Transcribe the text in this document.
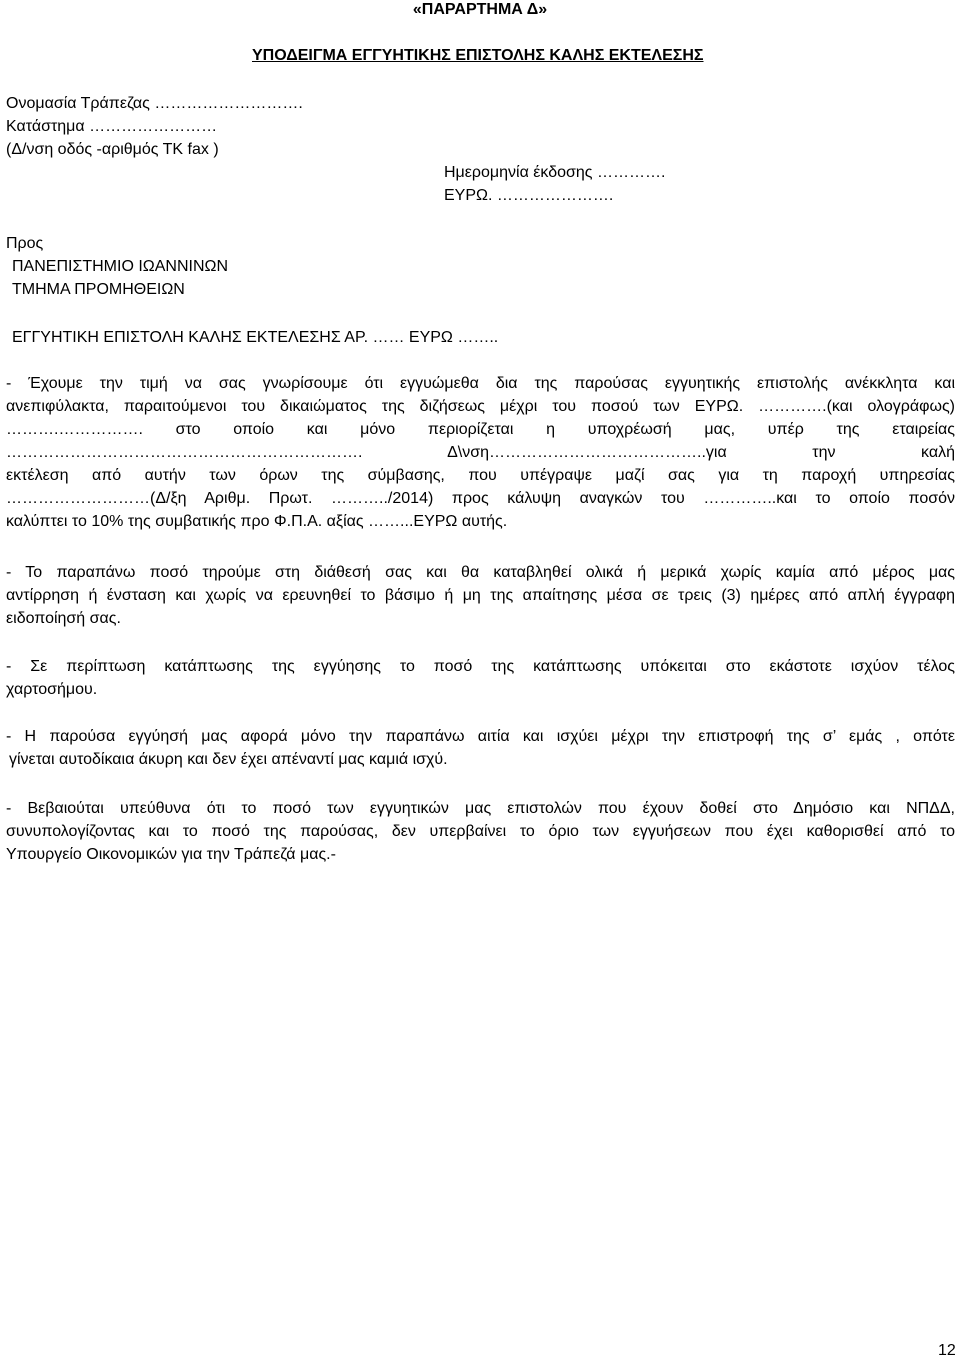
«ΠΑΡΑΡΤΗΜΑ Δ»
ΥΠΟΔΕΙΓΜΑ ΕΓΓΥΗΤΙΚΗΣ ΕΠΙΣΤΟΛΗΣ ΚΑΛΗΣ ΕΚΤΕΛΕΣΗΣ
Ονομασία Τράπεζας ……………………….
Κατάστημα ……………………
(Δ/νση οδός -αριθμός ΤΚ fax )
Ημερομηνία έκδοσης ………….
ΕΥΡΩ. ………………….
Προς
ΠΑΝΕΠΙΣΤΗΜΙΟ ΙΩΑΝΝΙΝΩΝ
ΤΜΗΜΑ ΠΡΟΜΗΘΕΙΩΝ
ΕΓΓΥΗΤΙΚΗ ΕΠΙΣΤΟΛΗ ΚΑΛΗΣ ΕΚΤΕΛΕΣΗΣ ΑΡ. …… ΕΥΡΩ ……..
- Έχουμε την τιμή να σας γνωρίσουμε ότι εγγυώμεθα δια της παρούσας εγγυητικής επιστολής ανέκκλητα και
ανεπιφύλακτα, παραιτούμενοι του δικαιώματος της διζήσεως μέχρι του ποσού των ΕΥΡΩ. ………….(και ολογράφως)
……….……………. στο οποίο και μόνο περιορίζεται η υποχρέωσή μας, υπέρ της εταιρείας
…………………………………………………………. Δ\νση…………………………………..για την καλή
εκτέλεση από αυτήν των όρων της σύμβασης, που υπέγραψε μαζί σας για τη παροχή υπηρεσίας
………………………(Δ/ξη Αριθμ. Πρωτ. ………../2014) προς κάλυψη αναγκών του …………..και το οποίο ποσόν
καλύπτει το 10% της συμβατικής προ Φ.Π.Α. αξίας ……...ΕΥΡΩ αυτής.
- Το παραπάνω ποσό τηρούμε στη διάθεσή σας και θα καταβληθεί ολικά ή μερικά χωρίς καμία από μέρος μας
αντίρρηση ή ένσταση και χωρίς να ερευνηθεί το βάσιμο ή μη της απαίτησης μέσα σε τρεις (3) ημέρες από απλή έγγραφη
ειδοποίησή σας.
- Σε περίπτωση κατάπτωσης της εγγύησης το ποσό της κατάπτωσης υπόκειται στο εκάστοτε ισχύον τέλος
χαρτοσήμου.
- Η παρούσα εγγύησή μας αφορά μόνο την παραπάνω αιτία και ισχύει μέχρι την επιστροφή της σ’ εμάς , οπότε
γίνεται αυτοδίκαια άκυρη και δεν έχει απέναντί μας καμιά ισχύ.
- Βεβαιούται υπεύθυνα ότι το ποσό των εγγυητικών μας επιστολών που έχουν δοθεί στο Δημόσιο και ΝΠΔΔ,
συνυπολογίζοντας και το ποσό της παρούσας, δεν υπερβαίνει το όριο των εγγυήσεων που έχει καθορισθεί από το
Υπουργείο Οικονομικών για την Τράπεζά μας.-
12
